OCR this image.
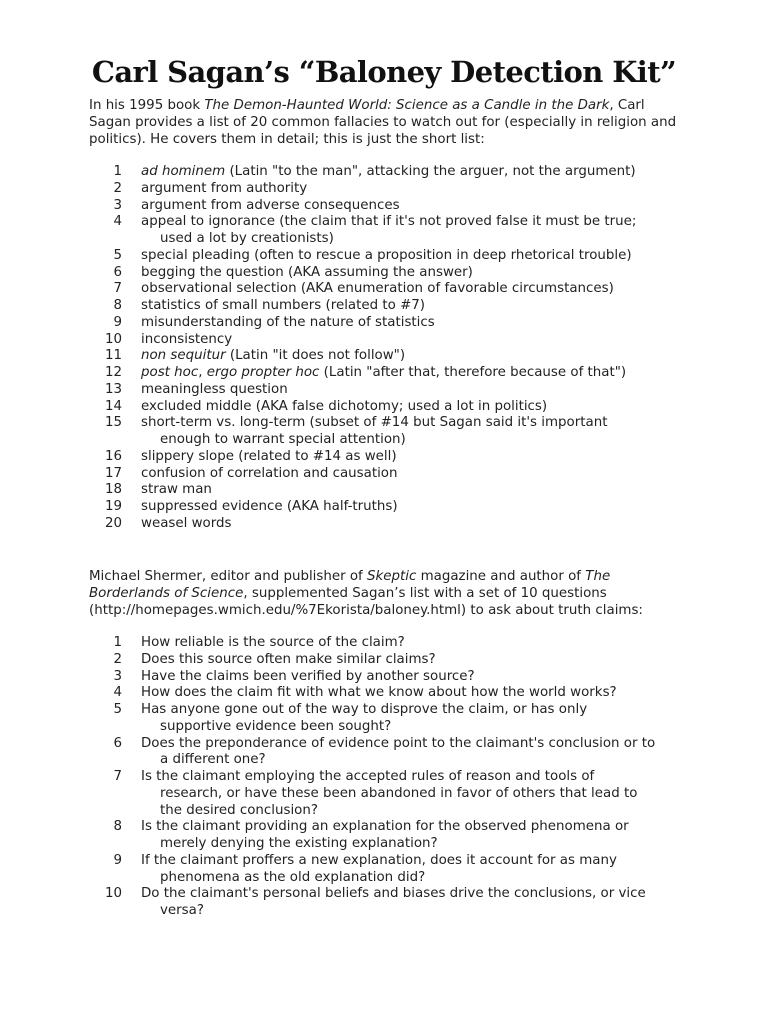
Carl Sagan’s “Baloney Detection Kit”

In his 1995 book The Demon-Haunted World: Science as a Candle in the Dark, Carl Sagan provides a list of 20 common fallacies to watch out for (especially in religion and politics). He covers them in detail; this is just the short list:

1 ad hominem (Latin "to the man", attacking the arguer, not the argument)
2 argument from authority
3 argument from adverse consequences
4 appeal to ignorance (the claim that if it's not proved false it must be true;
used a lot by creationists)
5 special pleading (often to rescue a proposition in deep rhetorical trouble)
6 begging the question (AKA assuming the answer)
7 observational selection (AKA enumeration of favorable circumstances)
8 statistics of small numbers (related to #7)
9 misunderstanding of the nature of statistics
10 inconsistency
11 non sequitur (Latin "it does not follow")
12 post hoc, ergo propter hoc (Latin "after that, therefore because of that")
13 meaningless question
14 excluded middle (AKA false dichotomy; used a lot in politics)
15 short-term vs. long-term (subset of #14 but Sagan said it's important
enough to warrant special attention)
16 slippery slope (related to #14 as well)
17 confusion of correlation and causation
18 straw man
19 suppressed evidence (AKA half-truths)
20 weasel words

Michael Shermer, editor and publisher of Skeptic magazine and author of The Borderlands of Science, supplemented Sagan’s list with a set of 10 questions (http://homepages.wmich.edu/%7Ekorista/baloney.html) to ask about truth claims:

1 How reliable is the source of the claim?
2 Does this source often make similar claims?
3 Have the claims been verified by another source?
4 How does the claim fit with what we know about how the world works?
5 Has anyone gone out of the way to disprove the claim, or has only
supportive evidence been sought?
6 Does the preponderance of evidence point to the claimant's conclusion or to
a different one?
7 Is the claimant employing the accepted rules of reason and tools of
research, or have these been abandoned in favor of others that lead to
the desired conclusion?
8 Is the claimant providing an explanation for the observed phenomena or
merely denying the existing explanation?
9 If the claimant proffers a new explanation, does it account for as many
phenomena as the old explanation did?
10 Do the claimant's personal beliefs and biases drive the conclusions, or vice
versa?
